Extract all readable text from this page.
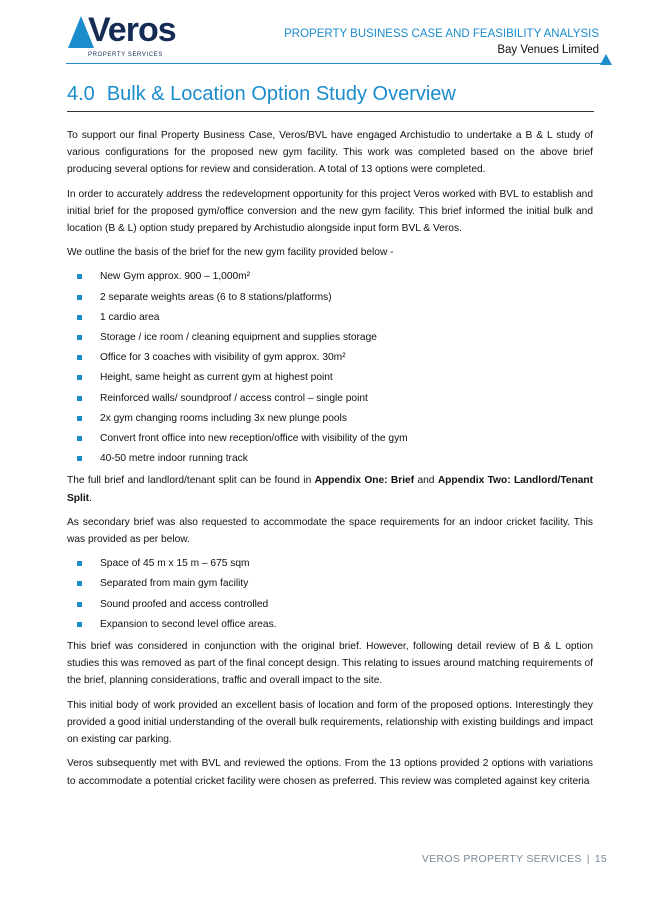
Veros
PROPERTY SERVICES
PROPERTY BUSINESS CASE AND FEASIBILITY ANALYSIS
Bay Venues Limited
4.0 Bulk & Location Option Study Overview

To support our final Property Business Case, Veros/BVL have engaged Archistudio to undertake a B & L study of various configurations for the proposed new gym facility. This work was completed based on the above brief producing several options for review and consideration. A total of 13 options were completed.

In order to accurately address the redevelopment opportunity for this project Veros worked with BVL to establish and initial brief for the proposed gym/office conversion and the new gym facility. This brief informed the initial bulk and location (B & L) option study prepared by Archistudio alongside input form BVL & Veros.

We outline the basis of the brief for the new gym facility provided below -

New Gym approx. 900 – 1,000m²
2 separate weights areas (6 to 8 stations/platforms)
1 cardio area
Storage / ice room / cleaning equipment and supplies storage
Office for 3 coaches with visibility of gym approx. 30m²
Height, same height as current gym at highest point
Reinforced walls/ soundproof / access control – single point
2x gym changing rooms including 3x new plunge pools
Convert front office into new reception/office with visibility of the gym
40-50 metre indoor running track

The full brief and landlord/tenant split can be found in Appendix One: Brief and Appendix Two: Landlord/Tenant Split.

As secondary brief was also requested to accommodate the space requirements for an indoor cricket facility. This was provided as per below.

Space of 45 m x 15 m – 675 sqm
Separated from main gym facility
Sound proofed and access controlled
Expansion to second level office areas.

This brief was considered in conjunction with the original brief. However, following detail review of B & L option studies this was removed as part of the final concept design. This relating to issues around matching requirements of the brief, planning considerations, traffic and overall impact to the site.

This initial body of work provided an excellent basis of location and form of the proposed options. Interestingly they provided a good initial understanding of the overall bulk requirements, relationship with existing buildings and impact on existing car parking.

Veros subsequently met with BVL and reviewed the options. From the 13 options provided 2 options with variations to accommodate a potential cricket facility were chosen as preferred. This review was completed against key criteria

VEROS PROPERTY SERVICES | 15
